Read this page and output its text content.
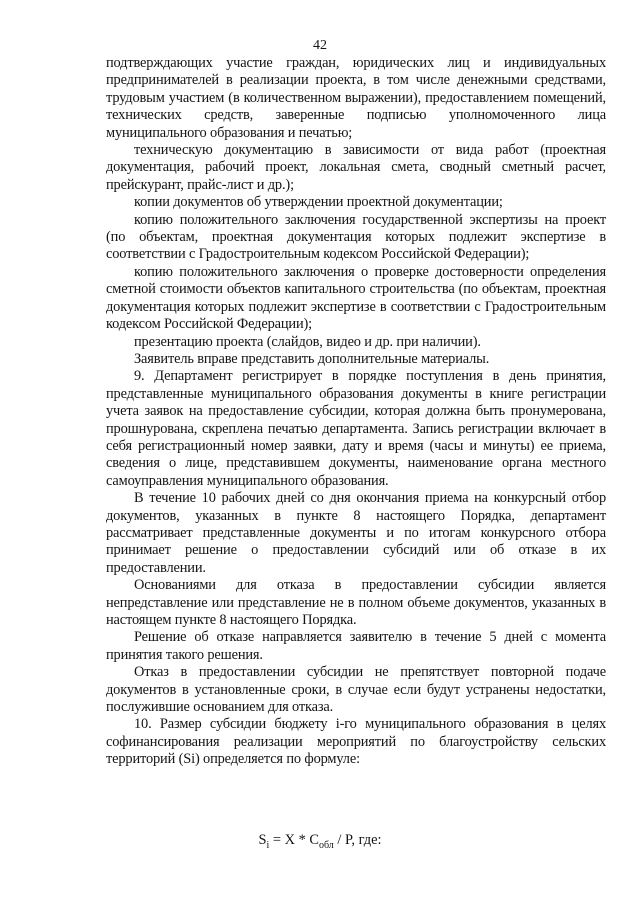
42

подтверждающих участие граждан, юридических лиц и индивидуальных предпринимателей в реализации проекта, в том числе денежными средствами, трудовым участием (в количественном выражении), предоставлением помещений, технических средств, заверенные подписью уполномоченного лица муниципального образования и печатью;

техническую документацию в зависимости от вида работ (проектная документация, рабочий проект, локальная смета, сводный сметный расчет, прейскурант, прайс-лист и др.);

копии документов об утверждении проектной документации;

копию положительного заключения государственной экспертизы на проект (по объектам, проектная документация которых подлежит экспертизе в соответствии с Градостроительным кодексом Российской Федерации);

копию положительного заключения о проверке достоверности определения сметной стоимости объектов капитального строительства (по объектам, проектная документация которых подлежит экспертизе в соответствии с Градостроительным кодексом Российской Федерации);

презентацию проекта (слайдов, видео и др. при наличии).

Заявитель вправе представить дополнительные материалы.

9. Департамент регистрирует в порядке поступления в день принятия, представленные муниципального образования документы в книге регистрации учета заявок на предоставление субсидии, которая должна быть пронумерована, прошнурована, скреплена печатью департамента. Запись регистрации включает в себя регистрационный номер заявки, дату и время (часы и минуты) ее приема, сведения о лице, представившем документы, наименование органа местного самоуправления муниципального образования.

В течение 10 рабочих дней со дня окончания приема на конкурсный отбор документов, указанных в пункте 8 настоящего Порядка, департамент рассматривает представленные документы и по итогам конкурсного отбора принимает решение о предоставлении субсидий или об отказе в их предоставлении.

Основаниями для отказа в предоставлении субсидии является непредставление или представление не в полном объеме документов, указанных в настоящем пункте 8 настоящего Порядка.

Решение об отказе направляется заявителю в течение 5 дней с момента принятия такого решения.

Отказ в предоставлении субсидии не препятствует повторной подаче документов в установленные сроки, в случае если будут устранены недостатки, послужившие основанием для отказа.

10. Размер субсидии бюджету i-го муниципального образования в целях софинансирования реализации мероприятий по благоустройству сельских территорий (Si) определяется по формуле:

$S_i = X * C_{обл} / P$, где:
